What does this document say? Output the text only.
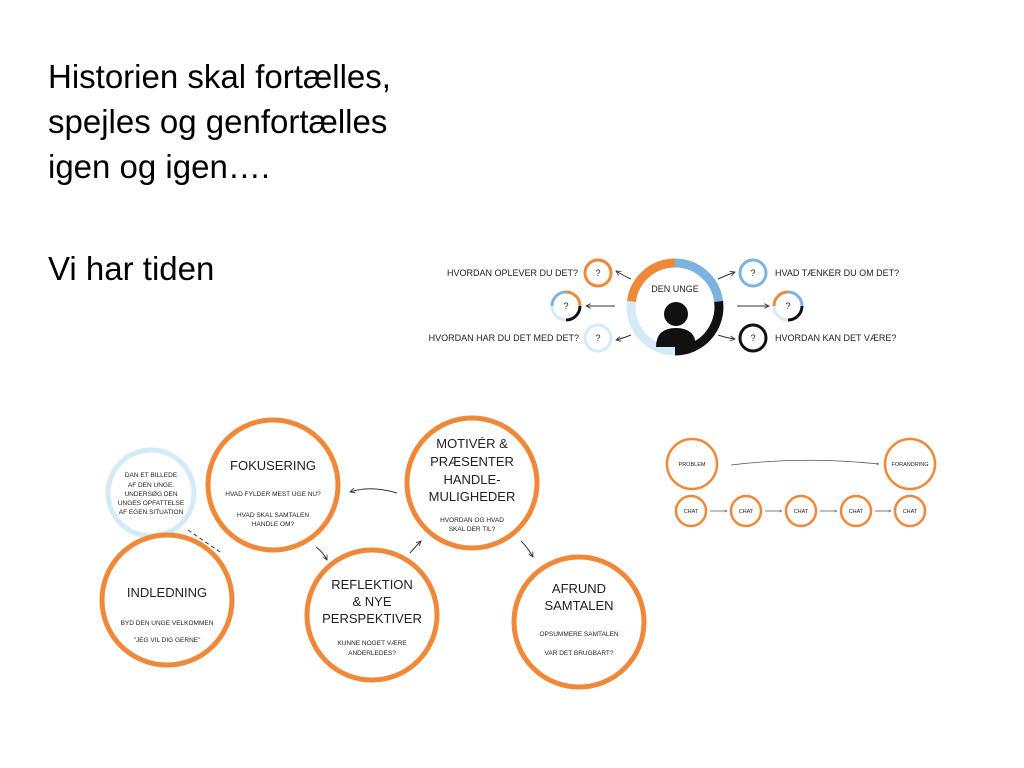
Historien skal fortælles,
spejles og genfortælles
igen og igen….
Vi har tiden
DEN UNGE
?
?
?
?
?
?
HVORDAN OPLEVER DU DET?
HVORDAN HAR DU DET MED DET?
HVAD TÆNKER DU OM DET?
HVORDAN KAN DET VÆRE?
DAN ET BILLEDE
AF DEN UNGE.
UNDERSØG DEN
UNGES OPFATTELSE
AF EGEN SITUATION
INDLEDNING
BYD DEN UNGE VELKOMMEN
"JEG VIL DIG GERNE"
FOKUSERING
HVAD FYLDER MEST UGE NU?
HVAD SKAL SAMTALEN
HANDLE OM?
REFLEKTION
& NYE
PERSPEKTIVER
KUNNE NOGET VÆRE
ANDERLEDES?
MOTIVÉR &
PRÆSENTER
HANDLE-
MULIGHEDER
HVORDAN OG HVAD
SKAL DER TIL?
AFRUND
SAMTALEN
OPSUMMERE SAMTALEN
VAR DET BRUGBART?
PROBLEM	FORANDRING
CHAT	CHAT	CHAT	CHAT	CHAT
